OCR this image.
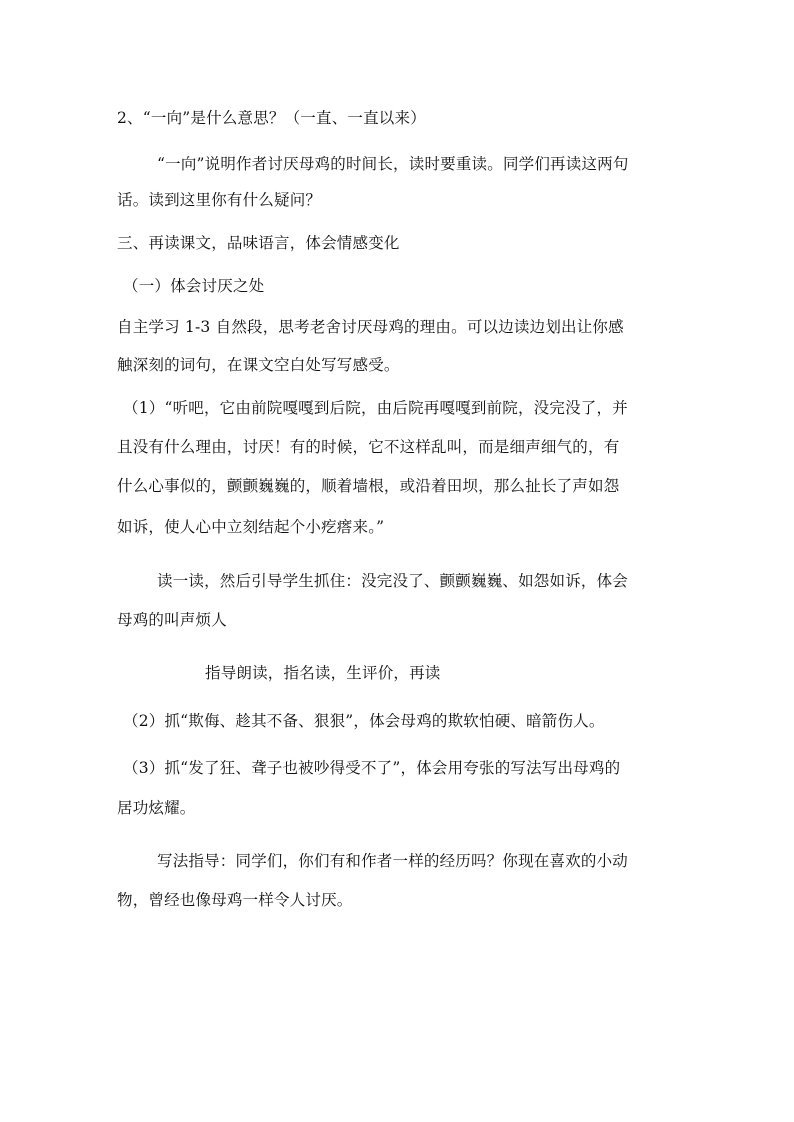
2、“一向”是什么意思？（一直、一直以来）
“一向”说明作者讨厌母鸡的时间长，读时要重读。同学们再读这两句
话。读到这里你有什么疑问？
三、再读课文，品味语言，体会情感变化
（一）体会讨厌之处
自主学习 1-3 自然段，思考老舍讨厌母鸡的理由。可以边读边划出让你感
触深刻的词句，在课文空白处写写感受。
（1）“听吧，它由前院嘎嘎到后院，由后院再嘎嘎到前院，没完没了，并
且没有什么理由，讨厌！有的时候，它不这样乱叫，而是细声细气的，有
什么心事似的，颤颤巍巍的，顺着墙根，或沿着田坝，那么扯长了声如怨
如诉，使人心中立刻结起个小疙瘩来。”
读一读，然后引导学生抓住：没完没了、颤颤巍巍、如怨如诉，体会
母鸡的叫声烦人
指导朗读，指名读，生评价，再读
（2）抓“欺侮、趁其不备、狠狠”，体会母鸡的欺软怕硬、暗箭伤人。
（3）抓“发了狂、聋子也被吵得受不了”，体会用夸张的写法写出母鸡的
居功炫耀。
写法指导：同学们，你们有和作者一样的经历吗？你现在喜欢的小动
物，曾经也像母鸡一样令人讨厌。
